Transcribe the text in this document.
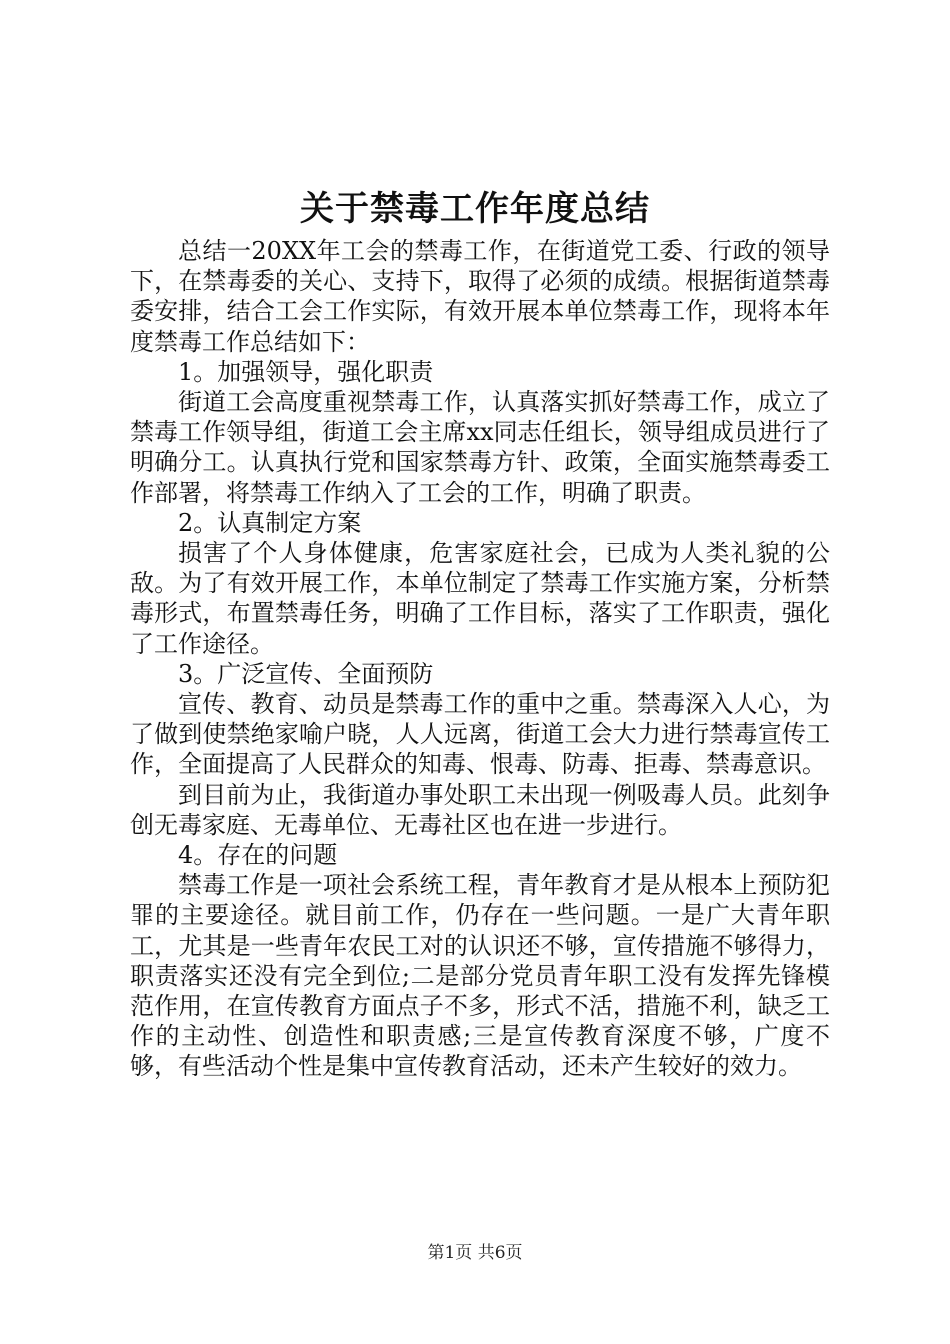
关于禁毒工作年度总结

总结一20XX年工会的禁毒工作，在街道党工委、行政的领导下，在禁毒委的关心、支持下，取得了必须的成绩。根据街道禁毒委安排，结合工会工作实际，有效开展本单位禁毒工作，现将本年度禁毒工作总结如下：

1。加强领导，强化职责

街道工会高度重视禁毒工作，认真落实抓好禁毒工作，成立了禁毒工作领导组，街道工会主席xx同志任组长，领导组成员进行了明确分工。认真执行党和国家禁毒方针、政策，全面实施禁毒委工作部署，将禁毒工作纳入了工会的工作，明确了职责。

2。认真制定方案

损害了个人身体健康，危害家庭社会，已成为人类礼貌的公敌。为了有效开展工作，本单位制定了禁毒工作实施方案，分析禁毒形式，布置禁毒任务，明确了工作目标，落实了工作职责，强化了工作途径。

3。广泛宣传、全面预防

宣传、教育、动员是禁毒工作的重中之重。禁毒深入人心，为了做到使禁绝家喻户晓，人人远离，街道工会大力进行禁毒宣传工作，全面提高了人民群众的知毒、恨毒、防毒、拒毒、禁毒意识。

到目前为止，我街道办事处职工未出现一例吸毒人员。此刻争创无毒家庭、无毒单位、无毒社区也在进一步进行。

4。存在的问题

禁毒工作是一项社会系统工程，青年教育才是从根本上预防犯罪的主要途径。就目前工作，仍存在一些问题。一是广大青年职工，尤其是一些青年农民工对的认识还不够，宣传措施不够得力，职责落实还没有完全到位;二是部分党员青年职工没有发挥先锋模范作用，在宣传教育方面点子不多，形式不活，措施不利，缺乏工作的主动性、创造性和职责感;三是宣传教育深度不够，广度不够，有些活动个性是集中宣传教育活动，还未产生较好的效力。

第1页 共6页
